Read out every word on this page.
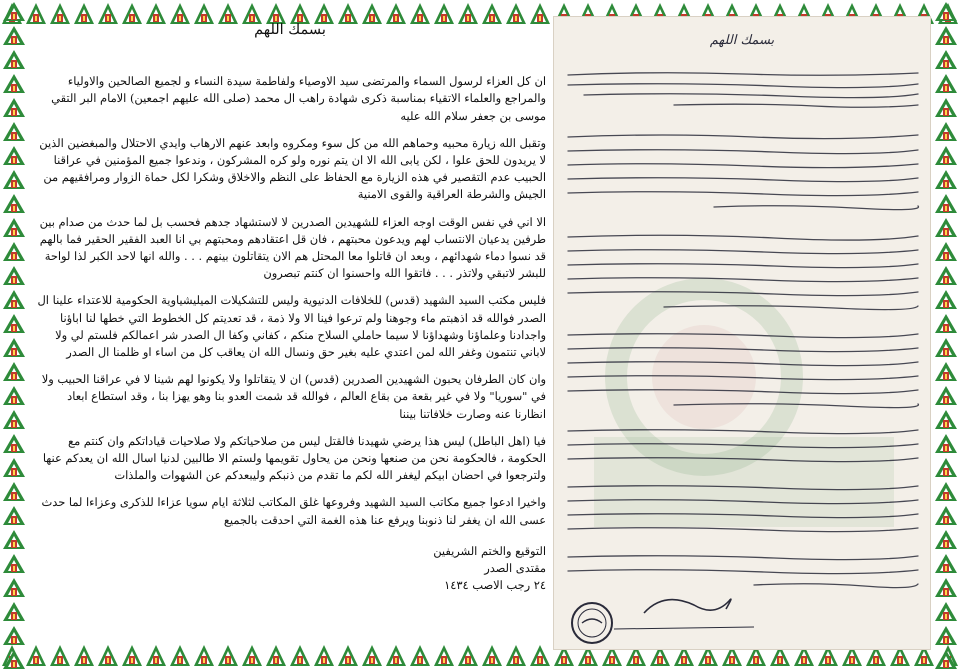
بسمك اللهم

ان كل العزاء لرسول السماء والمرتضى سيد الاوصياء ولفاطمة سيدة النساء و لجميع الصالحين والاولياء والمراجع والعلماء الاتقياء بمناسبة ذكرى شهادة راهب ال محمد (صلى الله عليهم اجمعين) الامام البر التقي موسى بن جعفر سلام الله عليه

وتقبل الله زيارة محبيه وحماهم الله من كل سوء ومكروه وابعد عنهم الارهاب وايدي الاحتلال والمبغضين الذين لا يريدون للحق علوا ، لكن يابى الله الا ان يتم نوره ولو كره المشركون ، وندعوا جميع المؤمنين في عراقنا الحبيب عدم التقصير في هذه الزيارة مع الحفاظ على النظم والاخلاق وشكرا لكل حماة الزوار ومرافقيهم من الجيش والشرطة العراقية والقوى الامنية

الا اني في نفس الوقت اوجه العزاء للشهيدين الصدرين لا لاستشهاد جدهم فحسب بل لما حدث من صدام بين طرفين يدعيان الانتساب لهم ويدعون محبتهم ، فان قل اعتقادهم ومحبتهم بي انا العبد الفقير الحقير فما بالهم قد نسوا دماء شهدائهم ، وبعد ان قاتلوا معا المحتل هم الان يتقاتلون بينهم . . . والله انها لاحد الكبر لذا لواحة للبشر لاتبقي ولاتذر . . . فاتقوا الله واحسنوا ان كنتم تبصرون

فليس مكتب السيد الشهيد (قدس) للخلافات الدنيوية وليس للتشكيلات الميليشياوية الحكومية للاعتداء علينا ال الصدر فوالله قد اذهبتم ماء وجوهنا ولم ترعوا فينا الا ولا ذمة ، قد تعديتم كل الخطوط التي خطها لنا اباؤنا واجدادنا وعلماؤنا وشهداؤنا لا سيما حاملي السلاح منكم ، كفاني وكفا ال الصدر شر اعمالكم فلستم لي ولا لاباني تنتمون وغفر الله لمن اعتدي عليه بغير حق ونسال الله ان يعاقب كل من اساء او ظلمنا ال الصدر

وان كان الطرفان يحبون الشهيدين الصدرين (قدس) ان لا يتقاتلوا ولا يكونوا لهم شينا لا في عراقنا الحبيب ولا في "سوريا" ولا في غير بقعة من بقاع العالم ، فوالله قد شمت العدو بنا وهو يهزا بنا ، وقد استطاع ابعاد انظارنا عنه وصارت خلافاتنا بيننا

فيا (اهل الباطل) ليس هذا يرضي شهيدنا فالقتل ليس من صلاحياتكم ولا صلاحيات قياداتكم وان كنتم مع الحكومة ، فالحكومة نحن من صنعها ونحن من يحاول تقويمها ولستم الا طالبين لدنيا اسال الله ان يعدكم عنها ولترجعوا في احضان ابيكم ليغفر الله لكم ما تقدم من ذنبكم وليبعدكم عن الشهوات والملذات

واخيرا ادعوا جميع مكاتب السيد الشهيد وفروعها غلق المكاتب لثلاثة ايام سويا عزاءا للذكرى وعزاءا لما حدث عسى الله ان يغفر لنا ذنوبنا ويرفع عنا هذه الغمة التي احدقت بالجميع

التوقيع والختم الشريفين
مقتدى الصدر
٢٤ رجب الاصب ١٤٣٤
بسمك اللهم
